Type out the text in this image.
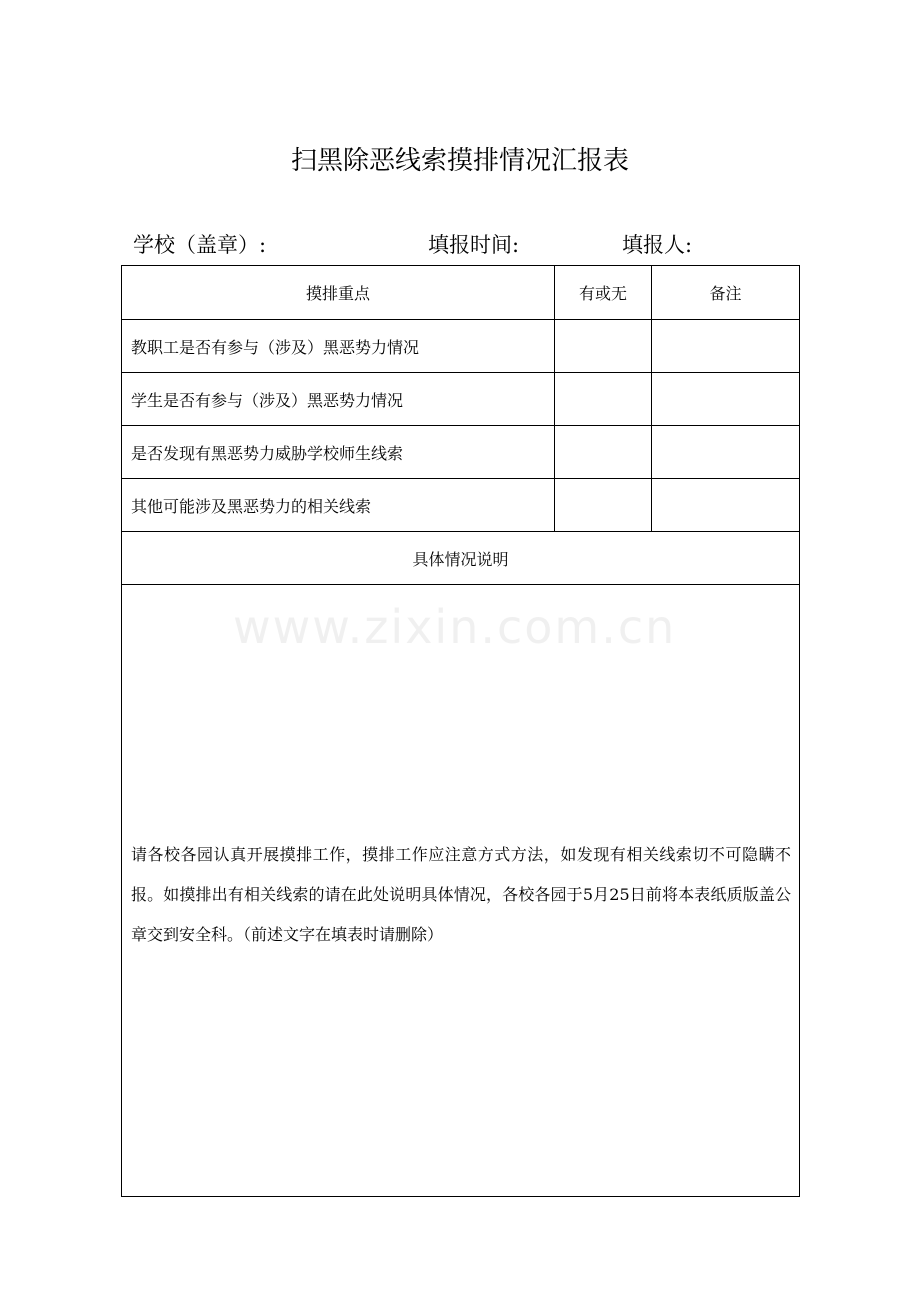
扫黑除恶线索摸排情况汇报表
学校（盖章）:	填报时间:	填报人:
摸排重点	有或无	备注
教职工是否有参与（涉及）黑恶势力情况		
学生是否有参与（涉及）黑恶势力情况		
是否发现有黑恶势力威胁学校师生线索		
其他可能涉及黑恶势力的相关线索		
具体情况说明		

请各校各园认真开展摸排工作，摸排工作应注意方式方法，如发现有相关线索切不可隐瞒不报。如摸排出有相关线索的请在此处说明具体情况，各校各园于5月25日前将本表纸质版盖公章交到安全科。（前述文字在填表时请删除）		
www.zixin.com.cn
